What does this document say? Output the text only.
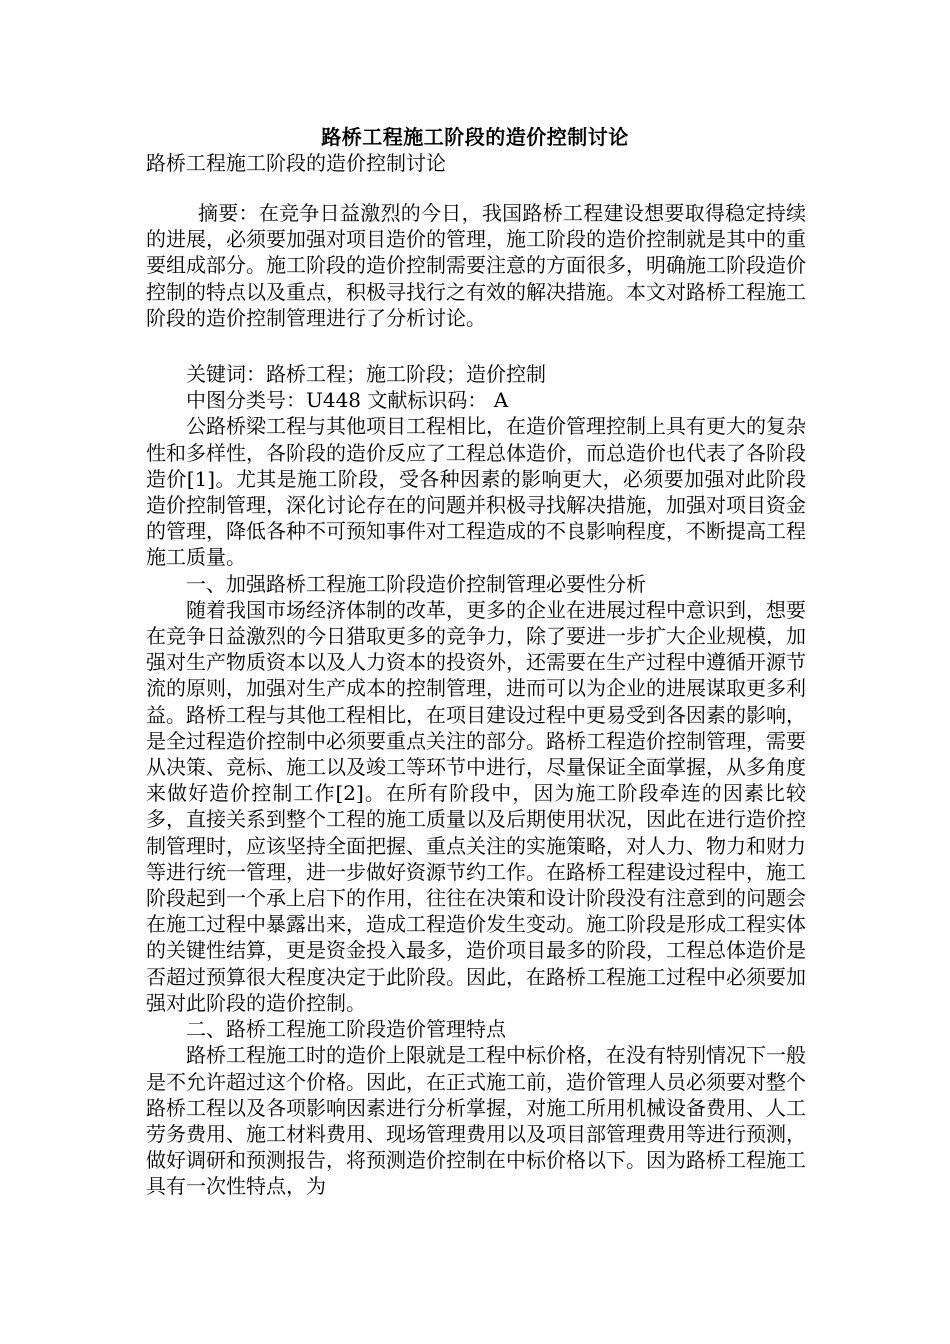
路桥工程施工阶段的造价控制讨论
路桥工程施工阶段的造价控制讨论

摘要：在竞争日益激烈的今日，我国路桥工程建设想要取得稳定持续的进展，必须要加强对项目造价的管理，施工阶段的造价控制就是其中的重要组成部分。施工阶段的造价控制需要注意的方面很多，明确施工阶段造价控制的特点以及重点，积极寻找行之有效的解决措施。本文对路桥工程施工阶段的造价控制管理进行了分析讨论。

关键词：路桥工程；施工阶段；造价控制

中图分类号：U448 文献标识码： A

公路桥梁工程与其他项目工程相比，在造价管理控制上具有更大的复杂性和多样性，各阶段的造价反应了工程总体造价，而总造价也代表了各阶段造价[1]。尤其是施工阶段，受各种因素的影响更大，必须要加强对此阶段造价控制管理，深化讨论存在的问题并积极寻找解决措施，加强对项目资金的管理，降低各种不可预知事件对工程造成的不良影响程度，不断提高工程施工质量。

一、加强路桥工程施工阶段造价控制管理必要性分析

随着我国市场经济体制的改革，更多的企业在进展过程中意识到，想要在竞争日益激烈的今日猎取更多的竞争力，除了要进一步扩大企业规模，加强对生产物质资本以及人力资本的投资外，还需要在生产过程中遵循开源节流的原则，加强对生产成本的控制管理，进而可以为企业的进展谋取更多利益。路桥工程与其他工程相比，在项目建设过程中更易受到各因素的影响，是全过程造价控制中必须要重点关注的部分。路桥工程造价控制管理，需要从决策、竞标、施工以及竣工等环节中进行，尽量保证全面掌握，从多角度来做好造价控制工作[2]。在所有阶段中，因为施工阶段牵连的因素比较多，直接关系到整个工程的施工质量以及后期使用状况，因此在进行造价控制管理时，应该坚持全面把握、重点关注的实施策略，对人力、物力和财力等进行统一管理，进一步做好资源节约工作。在路桥工程建设过程中，施工阶段起到一个承上启下的作用，往往在决策和设计阶段没有注意到的问题会在施工过程中暴露出来，造成工程造价发生变动。施工阶段是形成工程实体的关键性结算，更是资金投入最多，造价项目最多的阶段，工程总体造价是否超过预算很大程度决定于此阶段。因此，在路桥工程施工过程中必须要加强对此阶段的造价控制。

二、路桥工程施工阶段造价管理特点

路桥工程施工时的造价上限就是工程中标价格，在没有特别情况下一般是不允许超过这个价格。因此，在正式施工前，造价管理人员必须要对整个路桥工程以及各项影响因素进行分析掌握，对施工所用机械设备费用、人工劳务费用、施工材料费用、现场管理费用以及项目部管理费用等进行预测，做好调研和预测报告，将预测造价控制在中标价格以下。因为路桥工程施工具有一次性特点，为
